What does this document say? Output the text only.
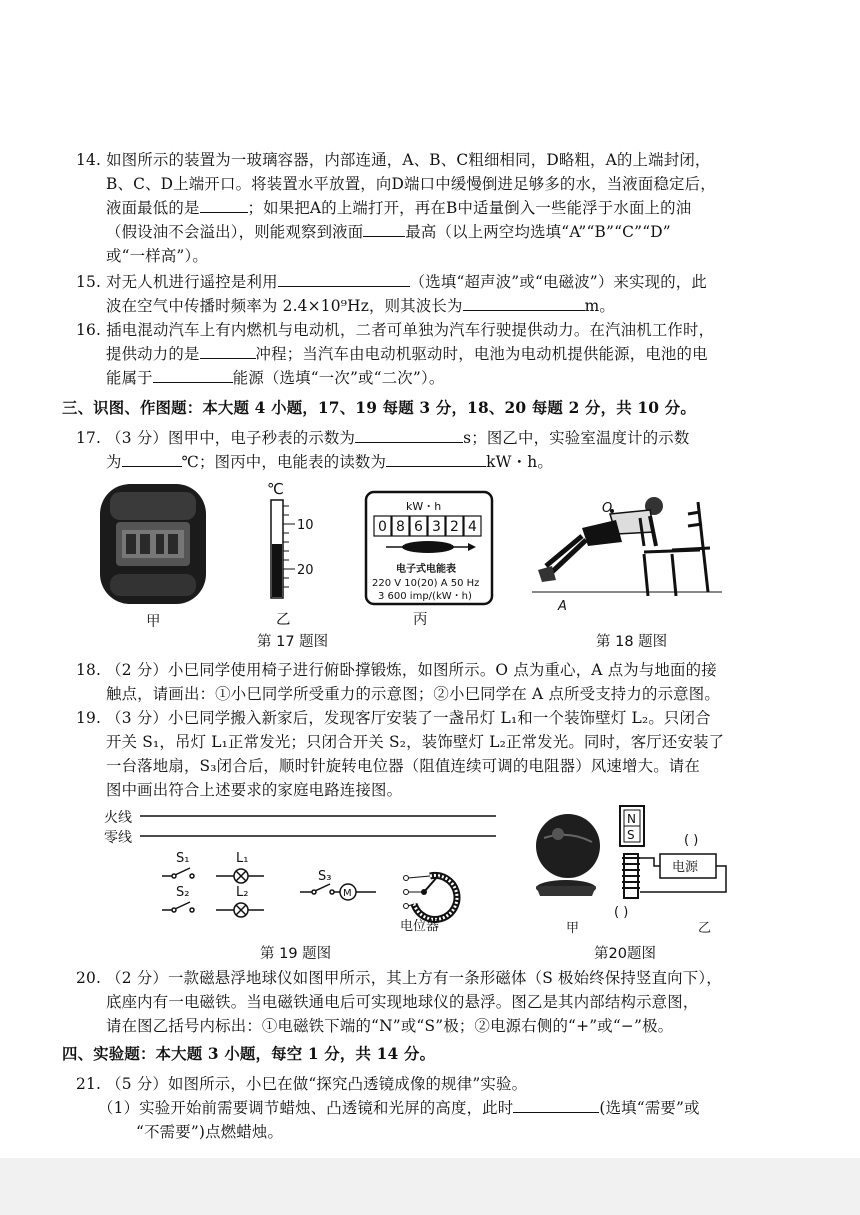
14. 如图所示的装置为一玻璃容器，内部连通，A、B、C粗细相同，D略粗，A的上端封闭，
B、C、D上端开口。将装置水平放置，向D端口中缓慢倒进足够多的水，当液面稳定后，
液面最低的是	；如果把A的上端打开，再在B中适量倒入一些能浮于水面上的油
（假设油不会溢出），则能观察到液面	最高（以上两空均选填“A”“B”“C”“D”
或“一样高”）。
15. 对无人机进行遥控是利用	（选填“超声波”或“电磁波”）来实现的，此
波在空气中传播时频率为 2.4×10⁹Hz，则其波长为	m。
16. 插电混动汽车上有内燃机与电动机，二者可单独为汽车行驶提供动力。在汽油机工作时，
提供动力的是	冲程；当汽车由电动机驱动时，电池为电动机提供能源，电池的电
能属于	能源（选填“一次”或“二次”）。
三、识图、作图题：本大题 4 小题，17、19 每题 3 分，18、20 每题 2 分，共 10 分。
17. （3 分）图甲中，电子秒表的示数为	s；图乙中，实验室温度计的示数
为	℃；图丙中，电能表的读数为	kW・h。
甲
℃
10
20
乙
kW・h
0 8 6 3 2 4
电子式电能表
220 V 10(20) A 50 Hz
3 600 imp/(kW・h)
丙
第 17 题图
O
A
第 18 题图
18. （2 分）小巳同学使用椅子进行俯卧撑锻炼，如图所示。O 点为重心，A 点为与地面的接
触点，请画出：①小巳同学所受重力的示意图；②小巳同学在 A 点所受支持力的示意图。
19. （3 分）小巳同学搬入新家后，发现客厅安装了一盏吊灯 L₁和一个装饰壁灯 L₂。只闭合
开关 S₁，吊灯 L₁正常发光；只闭合开关 S₂，装饰壁灯 L₂正常发光。同时，客厅还安装了
一台落地扇，S₃闭合后，顺时针旋转电位器（阻值连续可调的电阻器）风速增大。请在
图中画出符合上述要求的家庭电路连接图。
火线
零线
S₁	L₁
S₂	L₂
S₃
M
电位器
第 19 题图
甲
N
S
电源
( )
( )
乙
第20题图
20. （2 分）一款磁悬浮地球仪如图甲所示，其上方有一条形磁体（S 极始终保持竖直向下），
底座内有一电磁铁。当电磁铁通电后可实现地球仪的悬浮。图乙是其内部结构示意图，
请在图乙括号内标出：①电磁铁下端的“N”或“S”极；②电源右侧的“+”或“−”极。
四、实验题：本大题 3 小题，每空 1 分，共 14 分。
21. （5 分）如图所示，小巳在做“探究凸透镜成像的规律”实验。
（1）实验开始前需要调节蜡烛、凸透镜和光屏的高度，此时	(选填“需要”或
“不需要”)点燃蜡烛。
